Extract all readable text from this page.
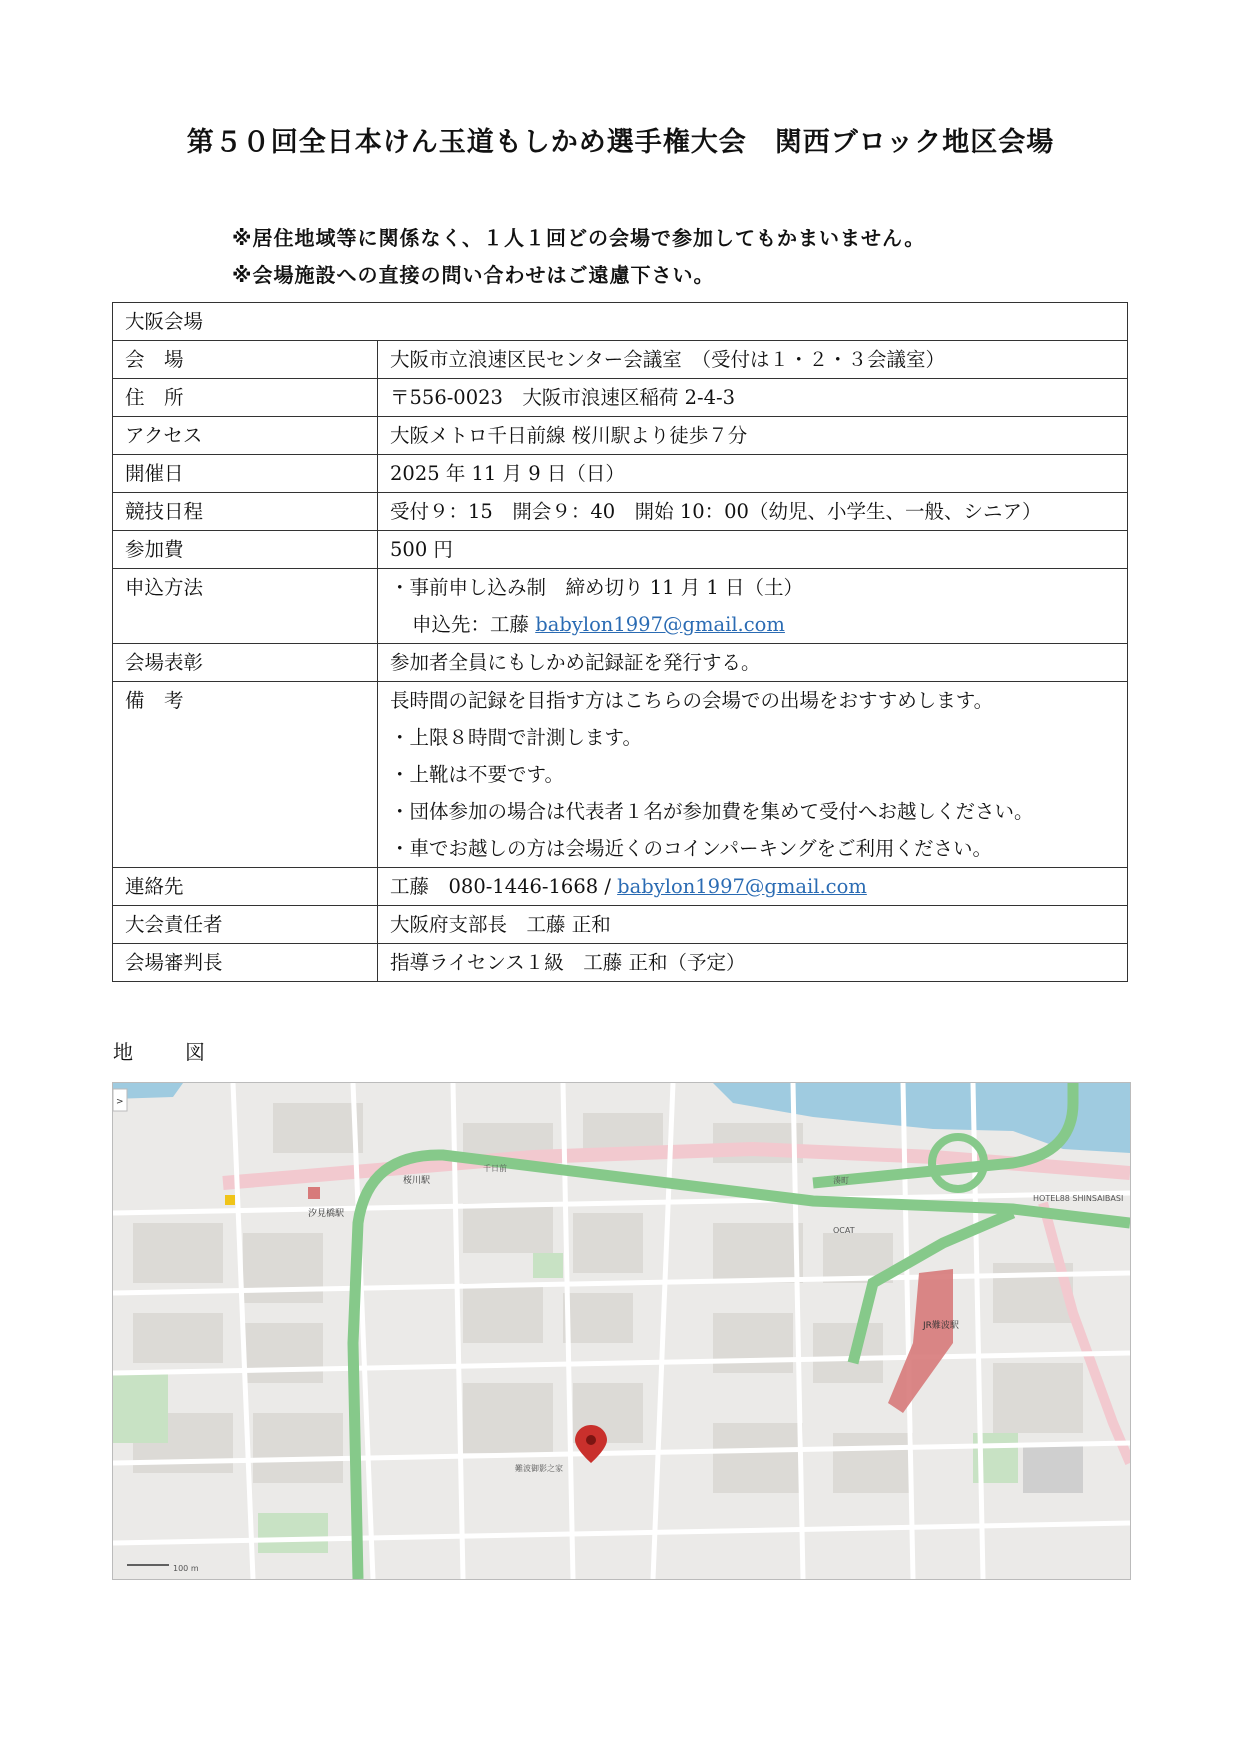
第５０回全日本けん玉道もしかめ選手権大会　関西ブロック地区会場
※居住地域等に関係なく、１人１回どの会場で参加してもかまいません。
※会場施設への直接の問い合わせはご遠慮下さい。
大阪会場	
会　場	大阪市立浪速区民センター会議室　（受付は１・２・３会議室）
住　所	〒556-0023　大阪市浪速区稲荷 2-4-3
アクセス	大阪メトロ千日前線 桜川駅より徒歩７分
開催日	2025 年 11 月 9 日（日）
競技日程	受付９：15　開会９：40　開始 10：00（幼児、小学生、一般、シニア）
参加費	500 円
申込方法	・事前申し込み制　締め切り 11 月 1 日（土）
申込先：工藤 babylon1997@gmail.com

会場表彰	参加者全員にもしかめ記録証を発行する。
備　考	長時間の記録を目指す方はこちらの会場での出場をおすすめします。
・上限８時間で計測します。
・上靴は不要です。
・団体参加の場合は代表者１名が参加費を集めて受付へお越しください。
・車でお越しの方は会場近くのコインパーキングをご利用ください。

連絡先	工藤　080-1446-1668 / babylon1997@gmail.com
大会責任者	大阪府支部長　工藤 正和
会場審判長	指導ライセンス１級　工藤 正和（予定）
地　図
汐見橋駅
桜川駅
千日前
湊町
OCAT
JR難波駅
難波御影之家
HOTEL88 SHINSAIBASI
100 m
>
